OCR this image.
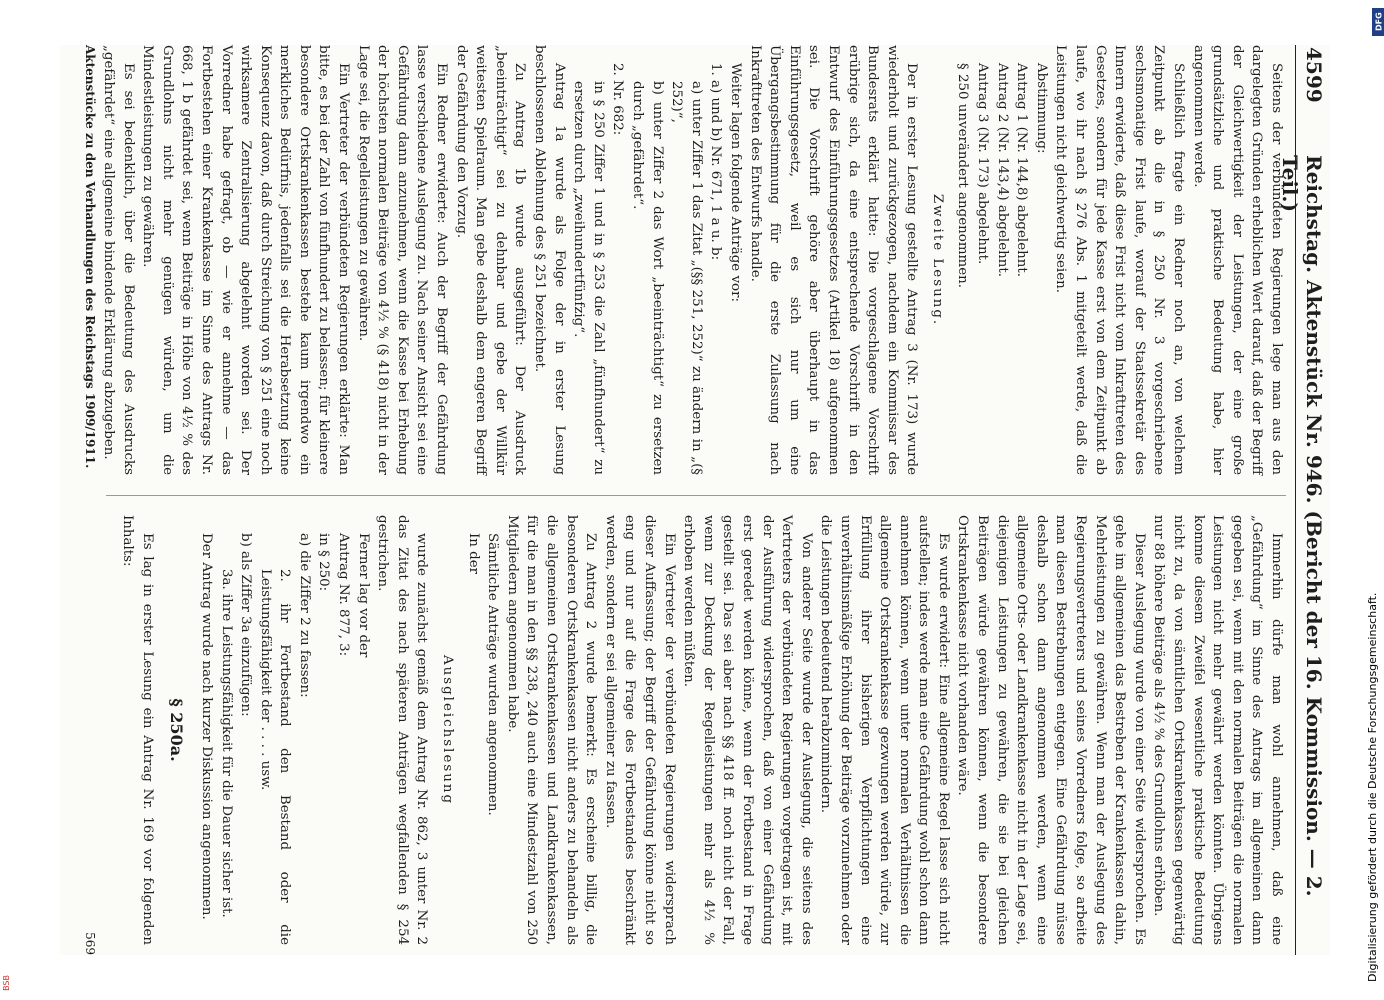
4599
Reichstag. Aktenstück Nr. 946. (Bericht der 16. Kommission. — 2. Teil.)

Seitens der verbündeten Regierungen lege man aus den dargelegten Gründen erheblichen Wert darauf, daß der Begriff der Gleichwertigkeit der Leistungen, der eine große grundsätzliche und praktische Bedeutung habe, hier angenommen werde.

Schließlich fragte ein Redner noch an, von welchem Zeitpunkt ab die in § 250 Nr. 3 vorgeschriebene sechsmonatige Frist laufe, worauf der Staatssekretär des Innern erwiderte, daß diese Frist nicht vom Inkrafttreten des Gesetzes, sondern für jede Kasse erst von dem Zeitpunkt ab laufe, wo ihr nach § 276 Abs. 1 mitgeteilt werde, daß die Leistungen nicht gleichwertig seien.

Abstimmung:

Antrag 1 (Nr. 144,8) abgelehnt.

Antrag 2 (Nr. 143,4) abgelehnt.

Antrag 3 (Nr. 173) abgelehnt.

§ 250 unverändert angenommen.

Zweite Lesung.

Der in erster Lesung gestellte Antrag 3 (Nr. 173) wurde wiederholt und zurückgezogen, nachdem ein Kommissar des Bundesrats erklärt hatte: Die vorgeschlagene Vorschrift erübrige sich, da eine entsprechende Vorschrift in den Entwurf des Einführungsgesetzes (Artikel 18) aufgenommen sei. Die Vorschrift gehöre aber überhaupt in das Einführungsgesetz, weil es sich nur um eine Übergangsbestimmung für die erste Zulassung nach Inkrafttreten des Entwurfs handle.

Weiter lagen folgende Anträge vor:

1. a) und b) Nr. 671, 1 a u. b:

a) unter Ziffer 1 das Zitat „(§§ 251, 252)“ zu ändern in „(§ 252)“,

b) unter Ziffer 2 das Wort „beeinträchtigt“ zu ersetzen durch „gefährdet“.

2. Nr. 682:

in § 250 Ziffer 1 und in § 253 die Zahl „fünfhundert“ zu ersetzen durch „zweihundertfünfzig“.

Antrag 1a wurde als Folge der in erster Lesung beschlossenen Ablehnung des § 251 bezeichnet.

Zu Antrag 1b wurde ausgeführt: Der Ausdruck „beeinträchtigt“ sei zu dehnbar und gebe der Willkür weitesten Spielraum. Man gebe deshalb dem engeren Begriff der Gefährdung den Vorzug.

Ein Redner erwiderte: Auch der Begriff der Gefährdung lasse verschiedene Auslegung zu. Nach seiner Ansicht sei eine Gefährdung dann anzunehmen, wenn die Kasse bei Erhebung der höchsten normalen Beiträge von 4½ % (§ 418) nicht in der Lage sei, die Regelleistungen zu gewähren.

Ein Vertreter der verbündeten Regierungen erklärte: Man bitte, es bei der Zahl von fünfhundert zu belassen; für kleinere besondere Ortskrankenkassen bestehe kaum irgendwo ein merkliches Bedürfnis, jedenfalls sei die Herabsetzung keine Konsequenz davon, daß durch Streichung von § 251 eine noch wirksamere Zentralisierung abgelehnt worden sei. Der Vorredner habe gefragt, ob — wie er annehme — das Fortbestehen einer Krankenkasse im Sinne des Antrags Nr. 668, 1 b gefährdet sei, wenn Beiträge in Höhe von 4½ % des Grundlohns nicht mehr genügen würden, um die Mindestleistungen zu gewähren.

Es sei bedenklich, über die Bedeutung des Ausdrucks „gefährdet“ eine allgemeine bindende Erklärung abzugeben.

Immerhin dürfe man wohl annehmen, daß eine „Gefährdung“ im Sinne des Antrags im allgemeinen dann gegeben sei, wenn mit den normalen Beiträgen die normalen Leistungen nicht mehr gewährt werden könnten. Übrigens komme diesem Zweifel wesentliche praktische Bedeutung nicht zu, da von sämtlichen Ortskrankenkassen gegenwärtig nur 88 höhere Beiträge als 4½ % des Grundlohns erhöben.

Dieser Auslegung wurde von einer Seite widersprochen. Es gehe im allgemeinen das Bestreben der Krankenkassen dahin, Mehrleistungen zu gewähren. Wenn man der Auslegung des Regierungsvertreters und seines Vorredners folge, so arbeite man diesen Bestrebungen entgegen. Eine Gefährdung müsse deshalb schon dann angenommen werden, wenn eine allgemeine Orts- oder Landkrankenkasse nicht in der Lage sei, diejenigen Leistungen zu gewähren, die sie bei gleichen Beiträgen würde gewähren können, wenn die besondere Ortskrankenkasse nicht vorhanden wäre.

Es wurde erwidert: Eine allgemeine Regel lasse sich nicht aufstellen; indes werde man eine Gefährdung wohl schon dann annehmen können, wenn unter normalen Verhältnissen die allgemeine Ortskrankenkasse gezwungen werden würde, zur Erfüllung ihrer bisherigen Verpflichtungen eine unverhältnismäßige Erhöhung der Beiträge vorzunehmen oder die Leistungen bedeutend herabzumindern.

Von anderer Seite wurde der Auslegung, die seitens des Vertreters der verbündeten Regierungen vorgetragen ist, mit der Ausführung widersprochen, daß von einer Gefährdung erst geredet werden könne, wenn der Fortbestand in Frage gestellt sei. Das sei aber nach §§ 418 ff. noch nicht der Fall, wenn zur Deckung der Regelleistungen mehr als 4½ % erhoben werden müßten.

Ein Vertreter der verbündeten Regierungen widersprach dieser Auffassung; der Begriff der Gefährdung könne nicht so eng und nur auf die Frage des Fortbestandes beschränkt werden, sondern er sei allgemeiner zu fassen.

Zu Antrag 2 wurde bemerkt: Es erscheine billig, die besonderen Ortskrankenkassen nicht anders zu behandeln als die allgemeinen Ortskrankenkassen und Landkrankenkassen, für die man in den §§ 238, 240 auch eine Mindestzahl von 250 Mitgliedern angenommen habe.

Sämtliche Anträge wurden angenommen.

In der

Ausgleichslesung

wurde zunächst gemäß dem Antrag Nr. 862, 3 unter Nr. 2 das Zitat des nach späteren Anträgen wegfallenden § 254 gestrichen.

Ferner lag vor der

Antrag Nr. 877, 3:

in § 250:

a) die Ziffer 2 zu fassen:

2. ihr Fortbestand den Bestand oder die Leistungsfähigkeit der . . . . usw.

b) als Ziffer 3a einzufügen:

3a. ihre Leistungsfähigkeit für die Dauer sicher ist.

Der Antrag wurde nach kurzer Diskussion angenommen.

§ 250a.

Es lag in erster Lesung ein Antrag Nr. 169 vor folgenden Inhalts:

Aktenstücke zu den Verhandlungen des Reichstags 1909/1911.
569
DFG
Digitalisierung gefördert durch die Deutsche Forschungsgemeinschaft.
BSB
